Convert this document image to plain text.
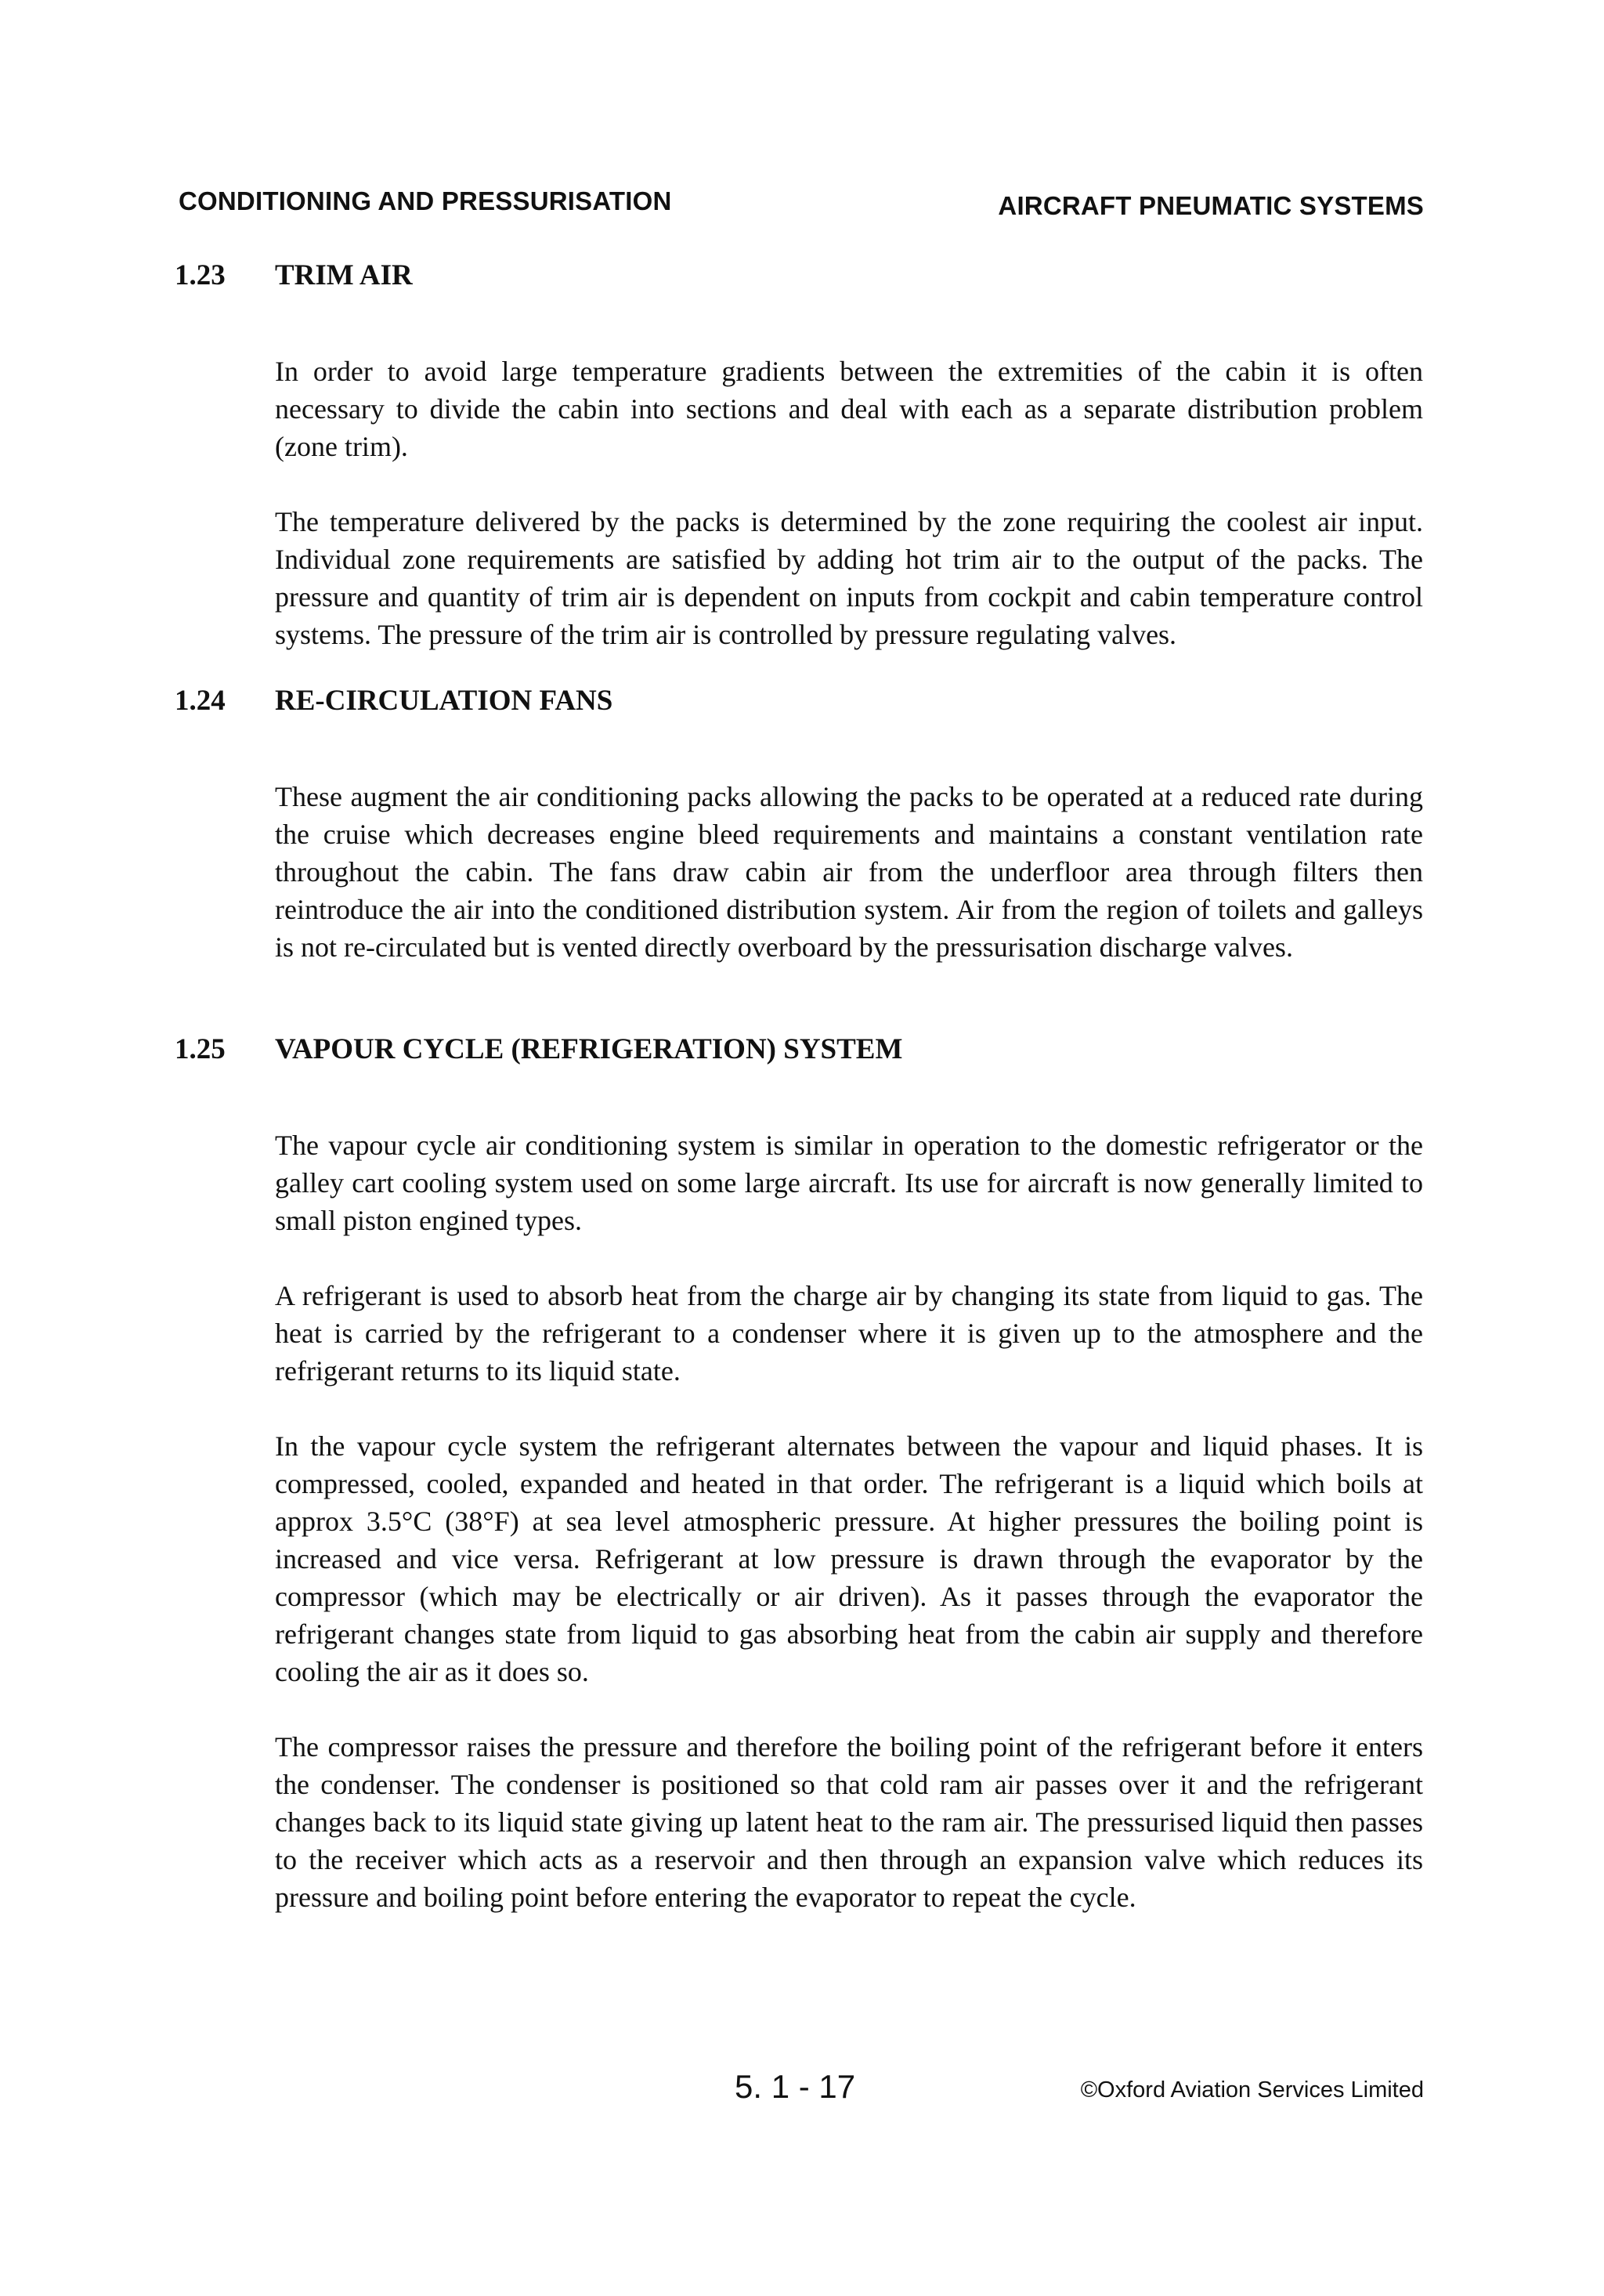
CONDITIONING AND PRESSURISATION	AIRCRAFT PNEUMATIC SYSTEMS
1.23 TRIM AIR

In order to avoid large temperature gradients between the extremities of the cabin it is often necessary to divide the cabin into sections and deal with each as a separate distribution problem (zone trim).

The temperature delivered by the packs is determined by the zone requiring the coolest air input. Individual zone requirements are satisfied by adding hot trim air to the output of the packs. The pressure and quantity of trim air is dependent on inputs from cockpit and cabin temperature control systems. The pressure of the trim air is controlled by pressure regulating valves.

1.24 RE-CIRCULATION FANS

These augment the air conditioning packs allowing the packs to be operated at a reduced rate during the cruise which decreases engine bleed requirements and maintains a constant ventilation rate throughout the cabin. The fans draw cabin air from the underfloor area through filters then reintroduce the air into the conditioned distribution system. Air from the region of toilets and galleys is not re-circulated but is vented directly overboard by the pressurisation discharge valves.

1.25 VAPOUR CYCLE (REFRIGERATION) SYSTEM

The vapour cycle air conditioning system is similar in operation to the domestic refrigerator or the galley cart cooling system used on some large aircraft. Its use for aircraft is now generally limited to small piston engined types.

A refrigerant is used to absorb heat from the charge air by changing its state from liquid to gas. The heat is carried by the refrigerant to a condenser where it is given up to the atmosphere and the refrigerant returns to its liquid state.

In the vapour cycle system the refrigerant alternates between the vapour and liquid phases. It is compressed, cooled, expanded and heated in that order. The refrigerant is a liquid which boils at approx 3.5°C (38°F) at sea level atmospheric pressure. At higher pressures the boiling point is increased and vice versa. Refrigerant at low pressure is drawn through the evaporator by the compressor (which may be electrically or air driven). As it passes through the evaporator the refrigerant changes state from liquid to gas absorbing heat from the cabin air supply and therefore cooling the air as it does so.

The compressor raises the pressure and therefore the boiling point of the refrigerant before it enters the condenser. The condenser is positioned so that cold ram air passes over it and the refrigerant changes back to its liquid state giving up latent heat to the ram air. The pressurised liquid then passes to the receiver which acts as a reservoir and then through an expansion valve which reduces its pressure and boiling point before entering the evaporator to repeat the cycle.

5. 1 - 17	©Oxford Aviation Services Limited
